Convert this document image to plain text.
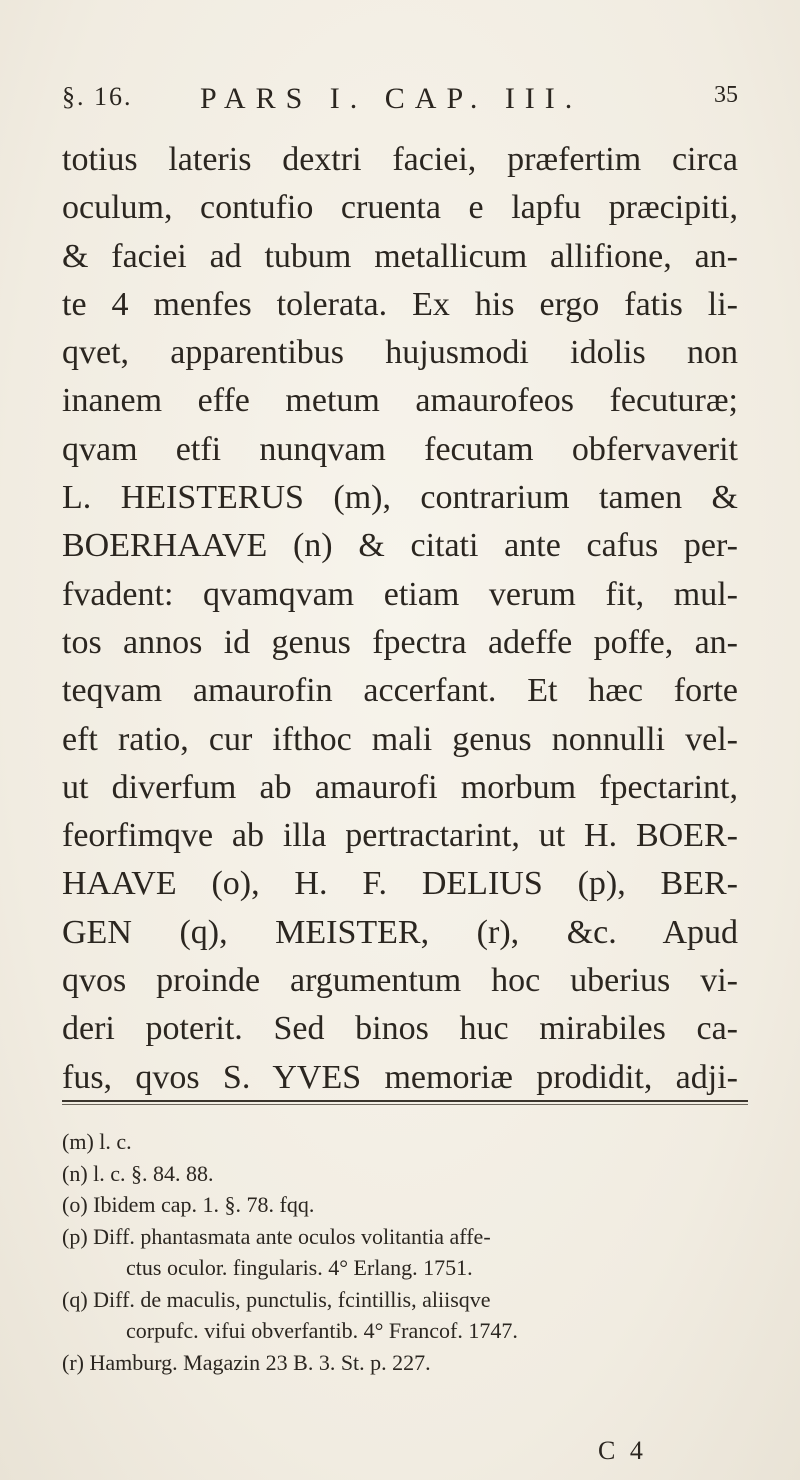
§. 16. PARS I. CAP. III.	35
totius lateris dextri faciei, præfertim circa
oculum, contufio cruenta e lapfu præcipiti,
& faciei ad tubum metallicum allifione, an-
te 4 menfes tolerata. Ex his ergo fatis li-
qvet, apparentibus hujusmodi idolis non
inanem effe metum amaurofeos fecuturæ;
qvam etfi nunqvam fecutam obfervaverit
L. HEISTERUS (m), contrarium tamen &
BOERHAAVE (n) & citati ante cafus per-
fvadent: qvamqvam etiam verum fit, mul-
tos annos id genus fpectra adeffe poffe, an-
teqvam amaurofin accerfant. Et hæc forte
eft ratio, cur ifthoc mali genus nonnulli vel-
ut diverfum ab amaurofi morbum fpectarint,
feorfimqve ab illa pertractarint, ut H. BOER-
HAAVE (o), H. F. DELIUS (p), BER-
GEN (q), MEISTER, (r), &c. Apud
qvos proinde argumentum hoc uberius vi-
deri poterit. Sed binos huc mirabiles ca-
fus, qvos S. YVES memoriæ prodidit, adji-
(m) l. c.
(n) l. c. §. 84. 88.
(o) Ibidem cap. 1. §. 78. fqq.
(p) Diff. phantasmata ante oculos volitantia affe-
ctus oculor. fingularis. 4° Erlang. 1751.
(q) Diff. de maculis, punctulis, fcintillis, aliisqve
corpufc. vifui obverfantib. 4° Francof. 1747.
(r) Hamburg. Magazin 23 B. 3. St. p. 227.
C 4
